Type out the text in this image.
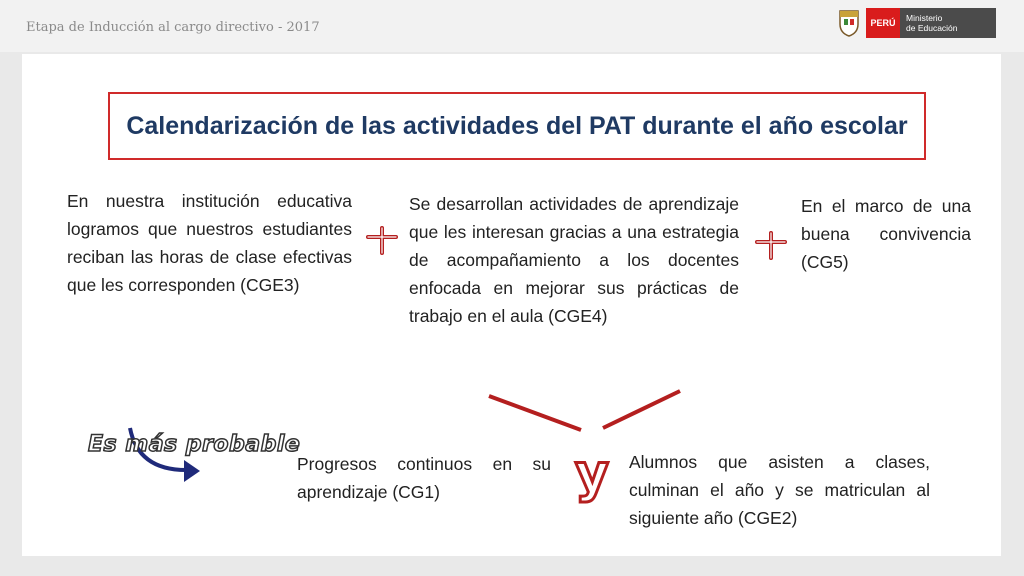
Etapa de Inducción al cargo directivo - 2017	PERÚ	Ministerio
de Educación
Calendarización de las actividades del PAT durante el año escolar
En nuestra institución educativa logramos que nuestros estudiantes reciban las horas de clase efectivas que les corresponden (CGE3)
Se desarrollan actividades de aprendizaje que les interesan gracias a una estrategia de acompañamiento a los docentes enfocada en mejorar sus prácticas de trabajo en el aula (CGE4)
En el marco de una buena convivencia (CG5)
Es más probable
Progresos continuos en su aprendizaje (CG1)	y Alumnos que asisten a clases, culminan el año y se matriculan al siguiente año (CGE2)
